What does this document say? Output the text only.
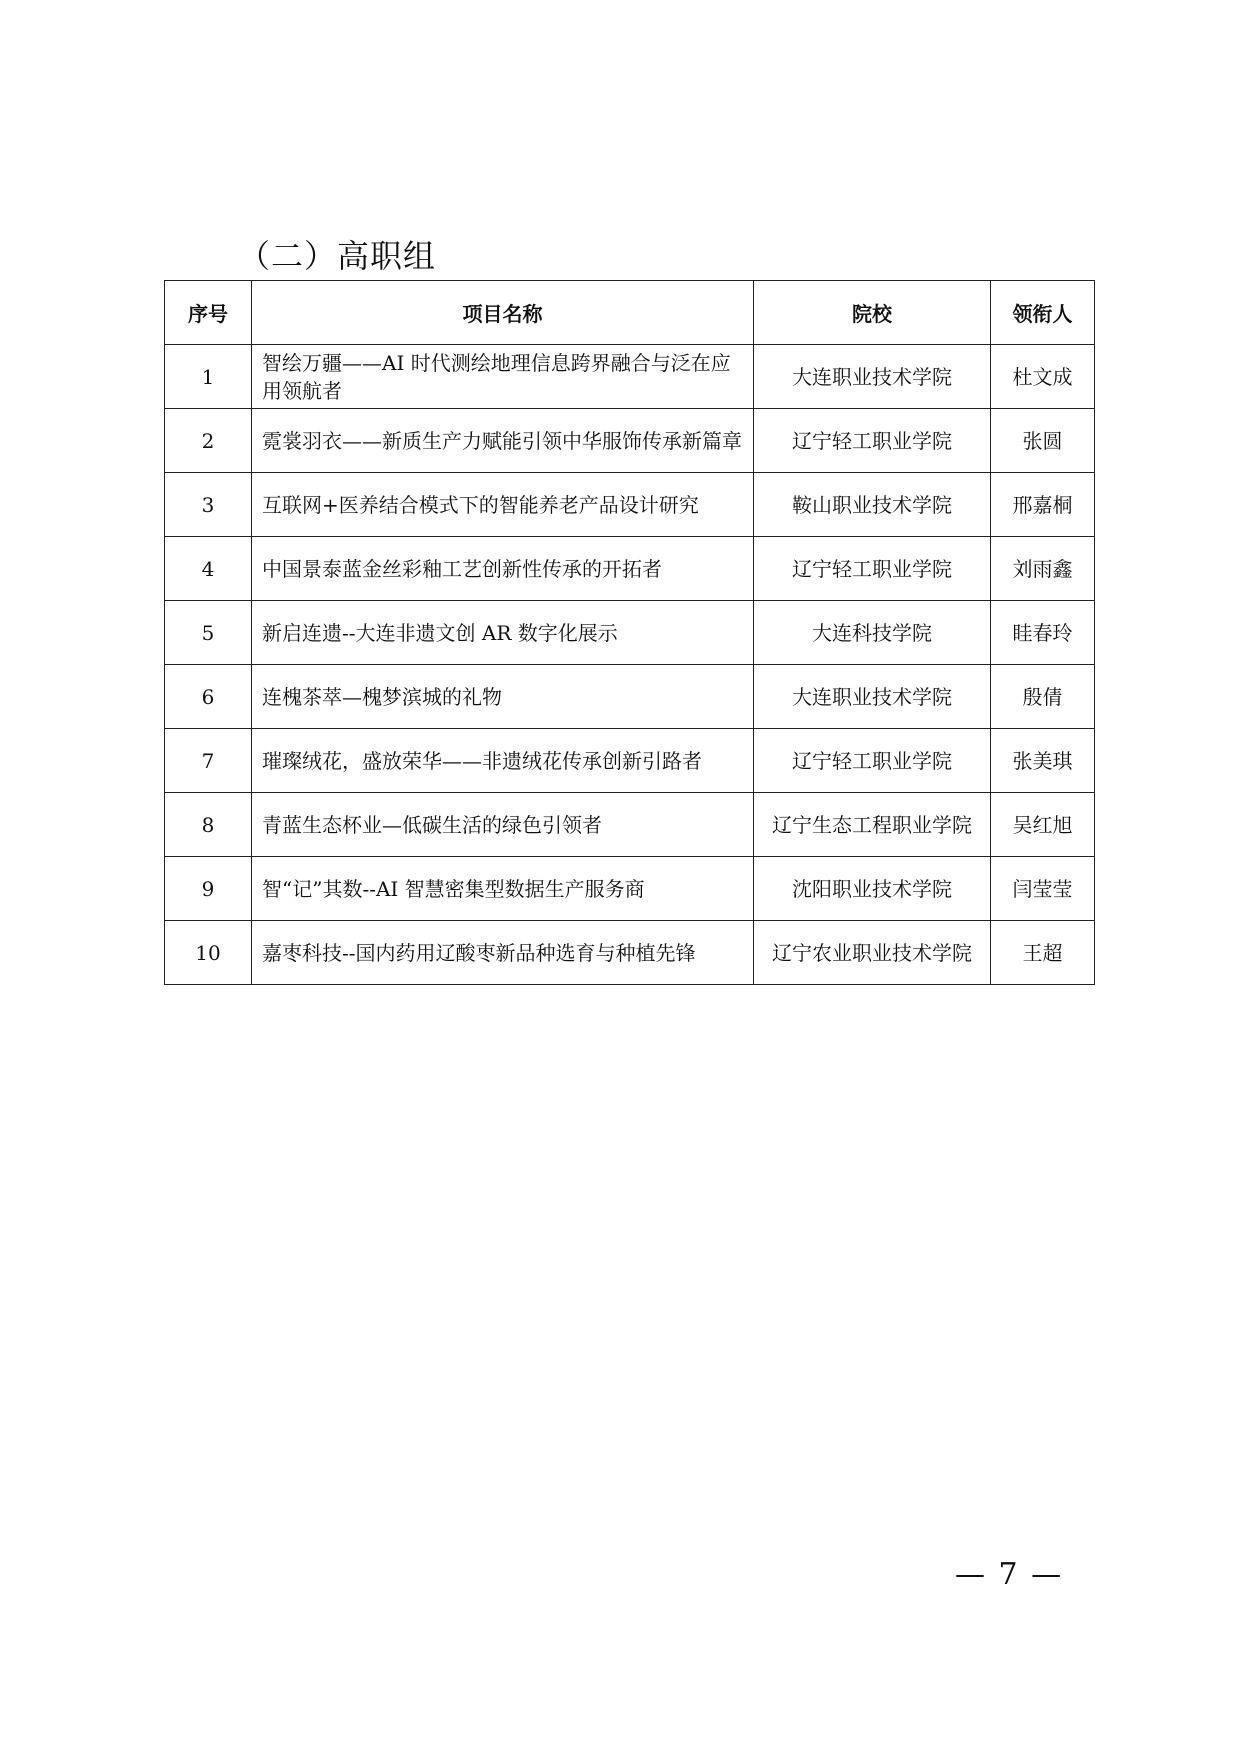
（二）高职组
序号	项目名称	院校	领衔人
1	智绘万疆——AI 时代测绘地理信息跨界融合与泛在应用领航者	大连职业技术学院	杜文成
2	霓裳羽衣——新质生产力赋能引领中华服饰传承新篇章	辽宁轻工职业学院	张圆
3	互联网+医养结合模式下的智能养老产品设计研究	鞍山职业技术学院	邢嘉桐
4	中国景泰蓝金丝彩釉工艺创新性传承的开拓者	辽宁轻工职业学院	刘雨鑫
5	新启连遗--大连非遗文创 AR 数字化展示	大连科技学院	眭春玲
6	连槐茶萃—槐梦滨城的礼物	大连职业技术学院	殷倩
7	璀璨绒花，盛放荣华——非遗绒花传承创新引路者	辽宁轻工职业学院	张美琪
8	青蓝生态杯业—低碳生活的绿色引领者	辽宁生态工程职业学院	吴红旭
9	智“记”其数--AI 智慧密集型数据生产服务商	沈阳职业技术学院	闫莹莹
10	嘉枣科技--国内药用辽酸枣新品种选育与种植先锋	辽宁农业职业技术学院	王超
— 7 —
